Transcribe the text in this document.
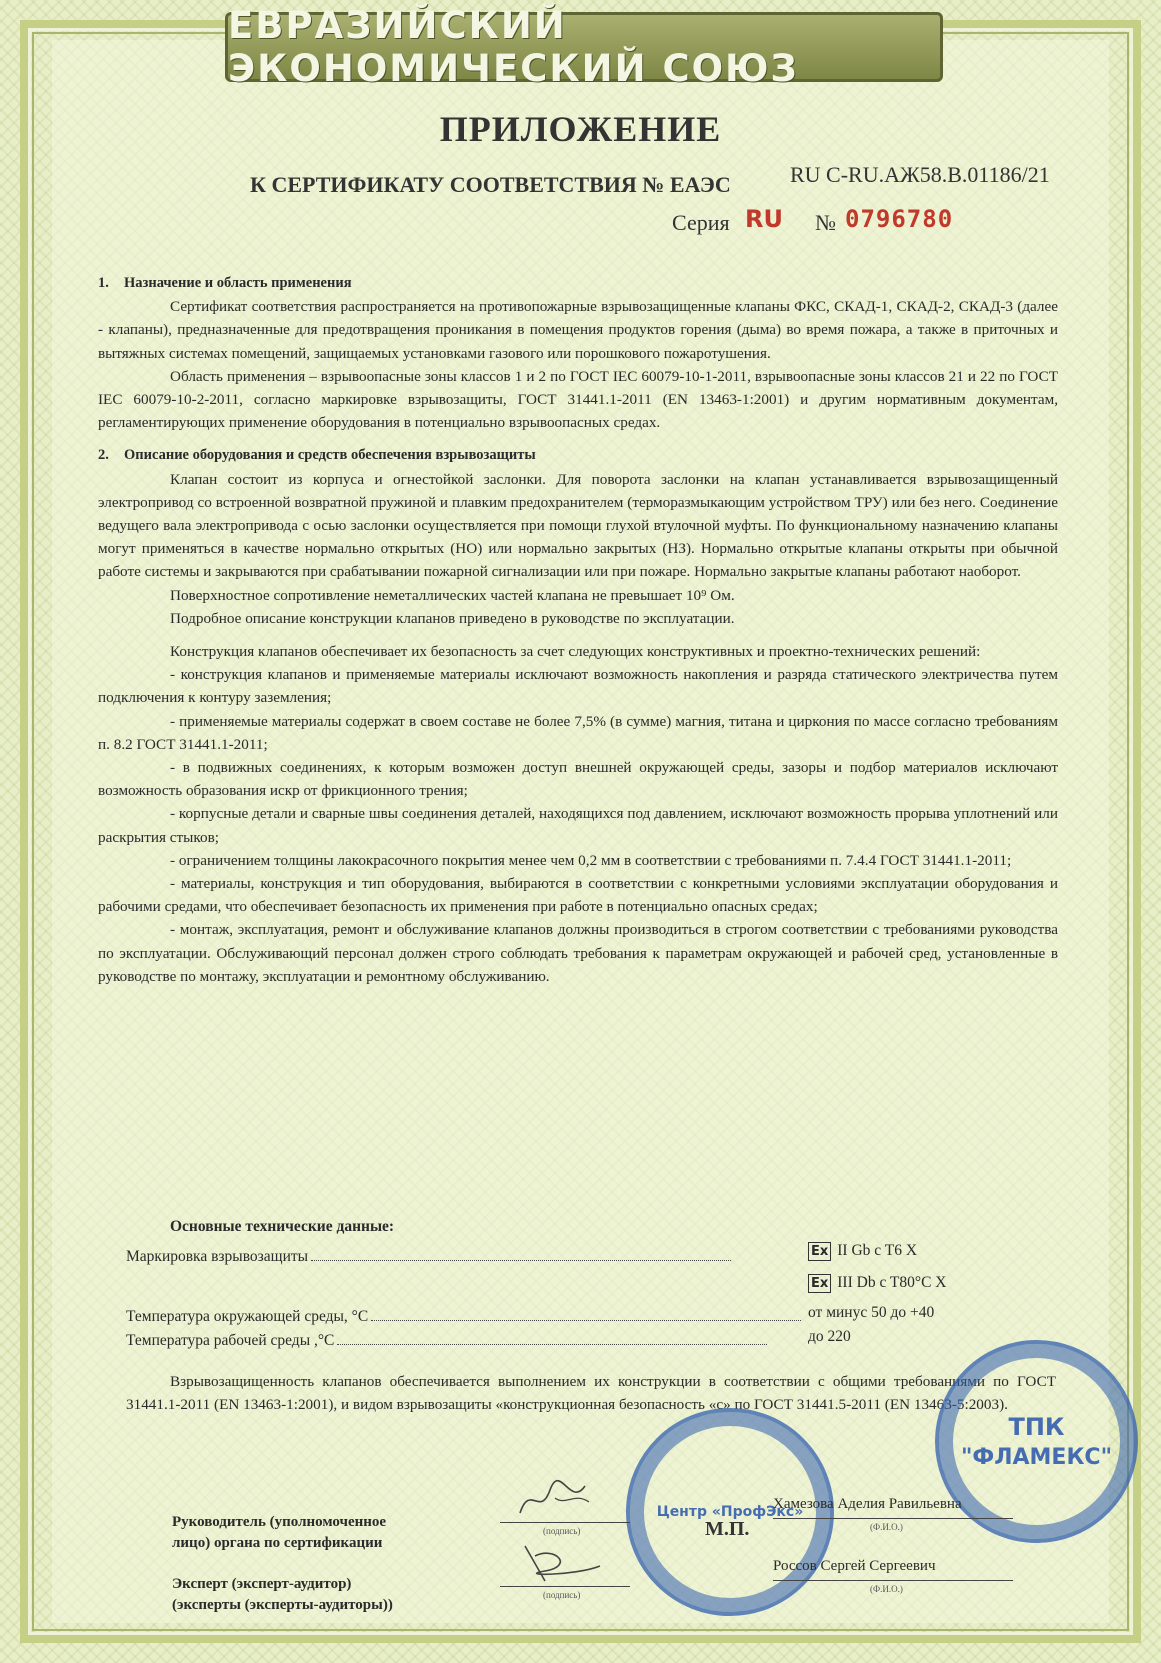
ЕВРАЗИЙСКИЙ ЭКОНОМИЧЕСКИЙ СОЮЗ
ПРИЛОЖЕНИЕ
К СЕРТИФИКАТУ СООТВЕТСТВИЯ № ЕАЭС	RU C-RU.АЖ58.В.01186/21
Серия RU № 0796780
1. Назначение и область применения

Сертификат соответствия распространяется на противопожарные взрывозащищенные клапаны ФКС, СКАД-1, СКАД-2, СКАД-3 (далее - клапаны), предназначенные для предотвращения проникания в помещения продуктов горения (дыма) во время пожара, а также в приточных и вытяжных системах помещений, защищаемых установками газового или порошкового пожаротушения.

Область применения – взрывоопасные зоны классов 1 и 2 по ГОСТ IEC 60079-10-1-2011, взрывоопасные зоны классов 21 и 22 по ГОСТ IEC 60079-10-2-2011, согласно маркировке взрывозащиты, ГОСТ 31441.1-2011 (EN 13463-1:2001) и другим нормативным документам, регламентирующих применение оборудования в потенциально взрывоопасных средах.

2. Описание оборудования и средств обеспечения взрывозащиты

Клапан состоит из корпуса и огнестойкой заслонки. Для поворота заслонки на клапан устанавливается взрывозащищенный электропривод со встроенной возвратной пружиной и плавким предохранителем (терморазмыкающим устройством ТРУ) или без него. Соединение ведущего вала электропривода с осью заслонки осуществляется при помощи глухой втулочной муфты. По функциональному назначению клапаны могут применяться в качестве нормально открытых (НО) или нормально закрытых (НЗ). Нормально открытые клапаны открыты при обычной работе системы и закрываются при срабатывании пожарной сигнализации или при пожаре. Нормально закрытые клапаны работают наоборот.

Поверхностное сопротивление неметаллических частей клапана не превышает 10⁹ Ом.

Подробное описание конструкции клапанов приведено в руководстве по эксплуатации.

Конструкция клапанов обеспечивает их безопасность за счет следующих конструктивных и проектно-технических решений:

- конструкция клапанов и применяемые материалы исключают возможность накопления и разряда статического электричества путем подключения к контуру заземления;

- применяемые материалы содержат в своем составе не более 7,5% (в сумме) магния, титана и циркония по массе согласно требованиям п. 8.2 ГОСТ 31441.1-2011;

- в подвижных соединениях, к которым возможен доступ внешней окружающей среды, зазоры и подбор материалов исключают возможность образования искр от фрикционного трения;

- корпусные детали и сварные швы соединения деталей, находящихся под давлением, исключают возможность прорыва уплотнений или раскрытия стыков;

- ограничением толщины лакокрасочного покрытия менее чем 0,2 мм в соответствии с требованиями п. 7.4.4 ГОСТ 31441.1-2011;

- материалы, конструкция и тип оборудования, выбираются в соответствии с конкретными условиями эксплуатации оборудования и рабочими средами, что обеспечивает безопасность их применения при работе в потенциально опасных средах;

- монтаж, эксплуатация, ремонт и обслуживание клапанов должны производиться в строгом соответствии с требованиями руководства по эксплуатации. Обслуживающий персонал должен строго соблюдать требования к параметрам окружающей и рабочей сред, установленные в руководстве по монтажу, эксплуатации и ремонтному обслуживанию.

Основные технические данные:
Маркировка взрывозащиты	Ex II Gb c T6 X
Ex III Db c T80°C X
Температура окружающей среды, °С	от минус 50 до +40
Температура рабочей среды ,°С	до 220
Взрывозащищенность клапанов обеспечивается выполнением их конструкции в соответствии с общими требованиями по ГОСТ 31441.1-2011 (EN 13463-1:2001), и видом взрывозащиты «конструкционная безопасность «с» по ГОСТ 31441.5-2011 (EN 13463-5:2003).
Центр «ПрофЭкс»
ТПК
"ФЛАМЕКС"
Руководитель (уполномоченное
лицо) органа по сертификации
(подпись)
Хамезова Аделия Равильевна
(Ф.И.О.)
М.П.
Эксперт (эксперт-аудитор)
(эксперты (эксперты-аудиторы))
(подпись)
Россов Сергей Сергеевич
(Ф.И.О.)
